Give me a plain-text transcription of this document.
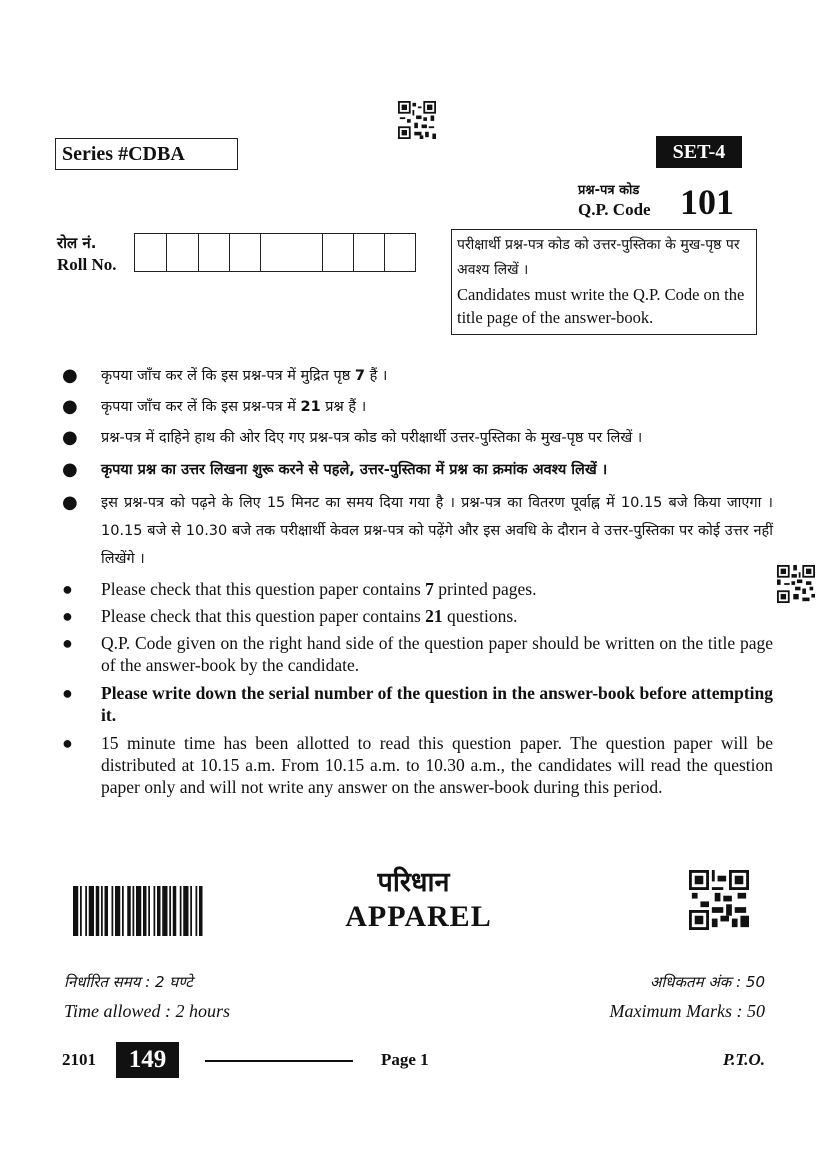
Series #CDBA	SET-4
प्रश्न-पत्र कोड
Q.P. Code 101
रोल नं.
Roll No.
परीक्षार्थी प्रश्न-पत्र कोड को उत्तर-पुस्तिका के मुख-पृष्ठ पर अवश्य लिखें ।
Candidates must write the Q.P. Code on the title page of the answer-book.
●	कृपया जाँच कर लें कि इस प्रश्न-पत्र में मुद्रित पृष्ठ 7 हैं ।
●	कृपया जाँच कर लें कि इस प्रश्न-पत्र में 21 प्रश्न हैं ।
●	प्रश्न-पत्र में दाहिने हाथ की ओर दिए गए प्रश्न-पत्र कोड को परीक्षार्थी उत्तर-पुस्तिका के मुख-पृष्ठ पर लिखें ।
●	कृपया प्रश्न का उत्तर लिखना शुरू करने से पहले, उत्तर-पुस्तिका में प्रश्न का क्रमांक अवश्य लिखें ।
●	इस प्रश्न-पत्र को पढ़ने के लिए 15 मिनट का समय दिया गया है । प्रश्न-पत्र का वितरण पूर्वाह्न में 10.15 बजे किया जाएगा । 10.15 बजे से 10.30 बजे तक परीक्षार्थी केवल प्रश्न-पत्र को पढ़ेंगे और इस अवधि के दौरान वे उत्तर-पुस्तिका पर कोई उत्तर नहीं लिखेंगे ।
●	Please check that this question paper contains 7 printed pages.
●	Please check that this question paper contains 21 questions.
●	Q.P. Code given on the right hand side of the question paper should be written on the title page of the answer-book by the candidate.
●	Please write down the serial number of the question in the answer-book before attempting it.
●	15 minute time has been allotted to read this question paper. The question paper will be distributed at 10.15 a.m. From 10.15 a.m. to 10.30 a.m., the candidates will read the question paper only and will not write any answer on the answer-book during this period.
परिधान
APPAREL
निर्धारित समय : 2 घण्टे
Time allowed : 2 hours
अधिकतम अंक : 50
Maximum Marks : 50
2101	149	Page 1	P.T.O.
